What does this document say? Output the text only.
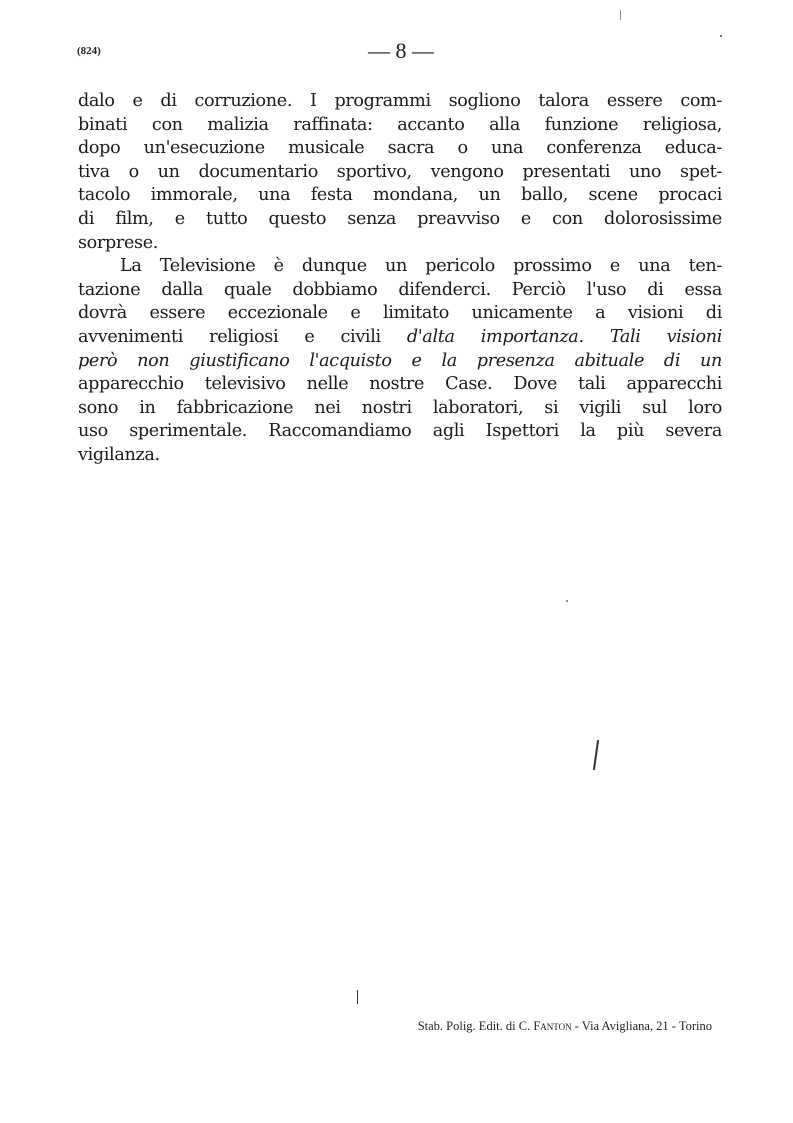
(824)	— 8 —
dalo e di corruzione. I programmi sogliono talora essere com-
binati con malizia raffinata: accanto alla funzione religiosa,
dopo un'esecuzione musicale sacra o una conferenza educa-
tiva o un documentario sportivo, vengono presentati uno spet-
tacolo immorale, una festa mondana, un ballo, scene procaci
di film, e tutto questo senza preavviso e con dolorosissime
sorprese.
La Televisione è dunque un pericolo prossimo e una ten-
tazione dalla quale dobbiamo difenderci. Perciò l'uso di essa
dovrà essere eccezionale e limitato unicamente a visioni di
avvenimenti religiosi e civili d'alta importanza. Tali visioni
però non giustificano l'acquisto e la presenza abituale di un
apparecchio televisivo nelle nostre Case. Dove tali apparecchi
sono in fabbricazione nei nostri laboratori, si vigili sul loro
uso sperimentale. Raccomandiamo agli Ispettori la più severa
vigilanza.
Stab. Polig. Edit. di C. Fanton - Via Avigliana, 21 - Torino
